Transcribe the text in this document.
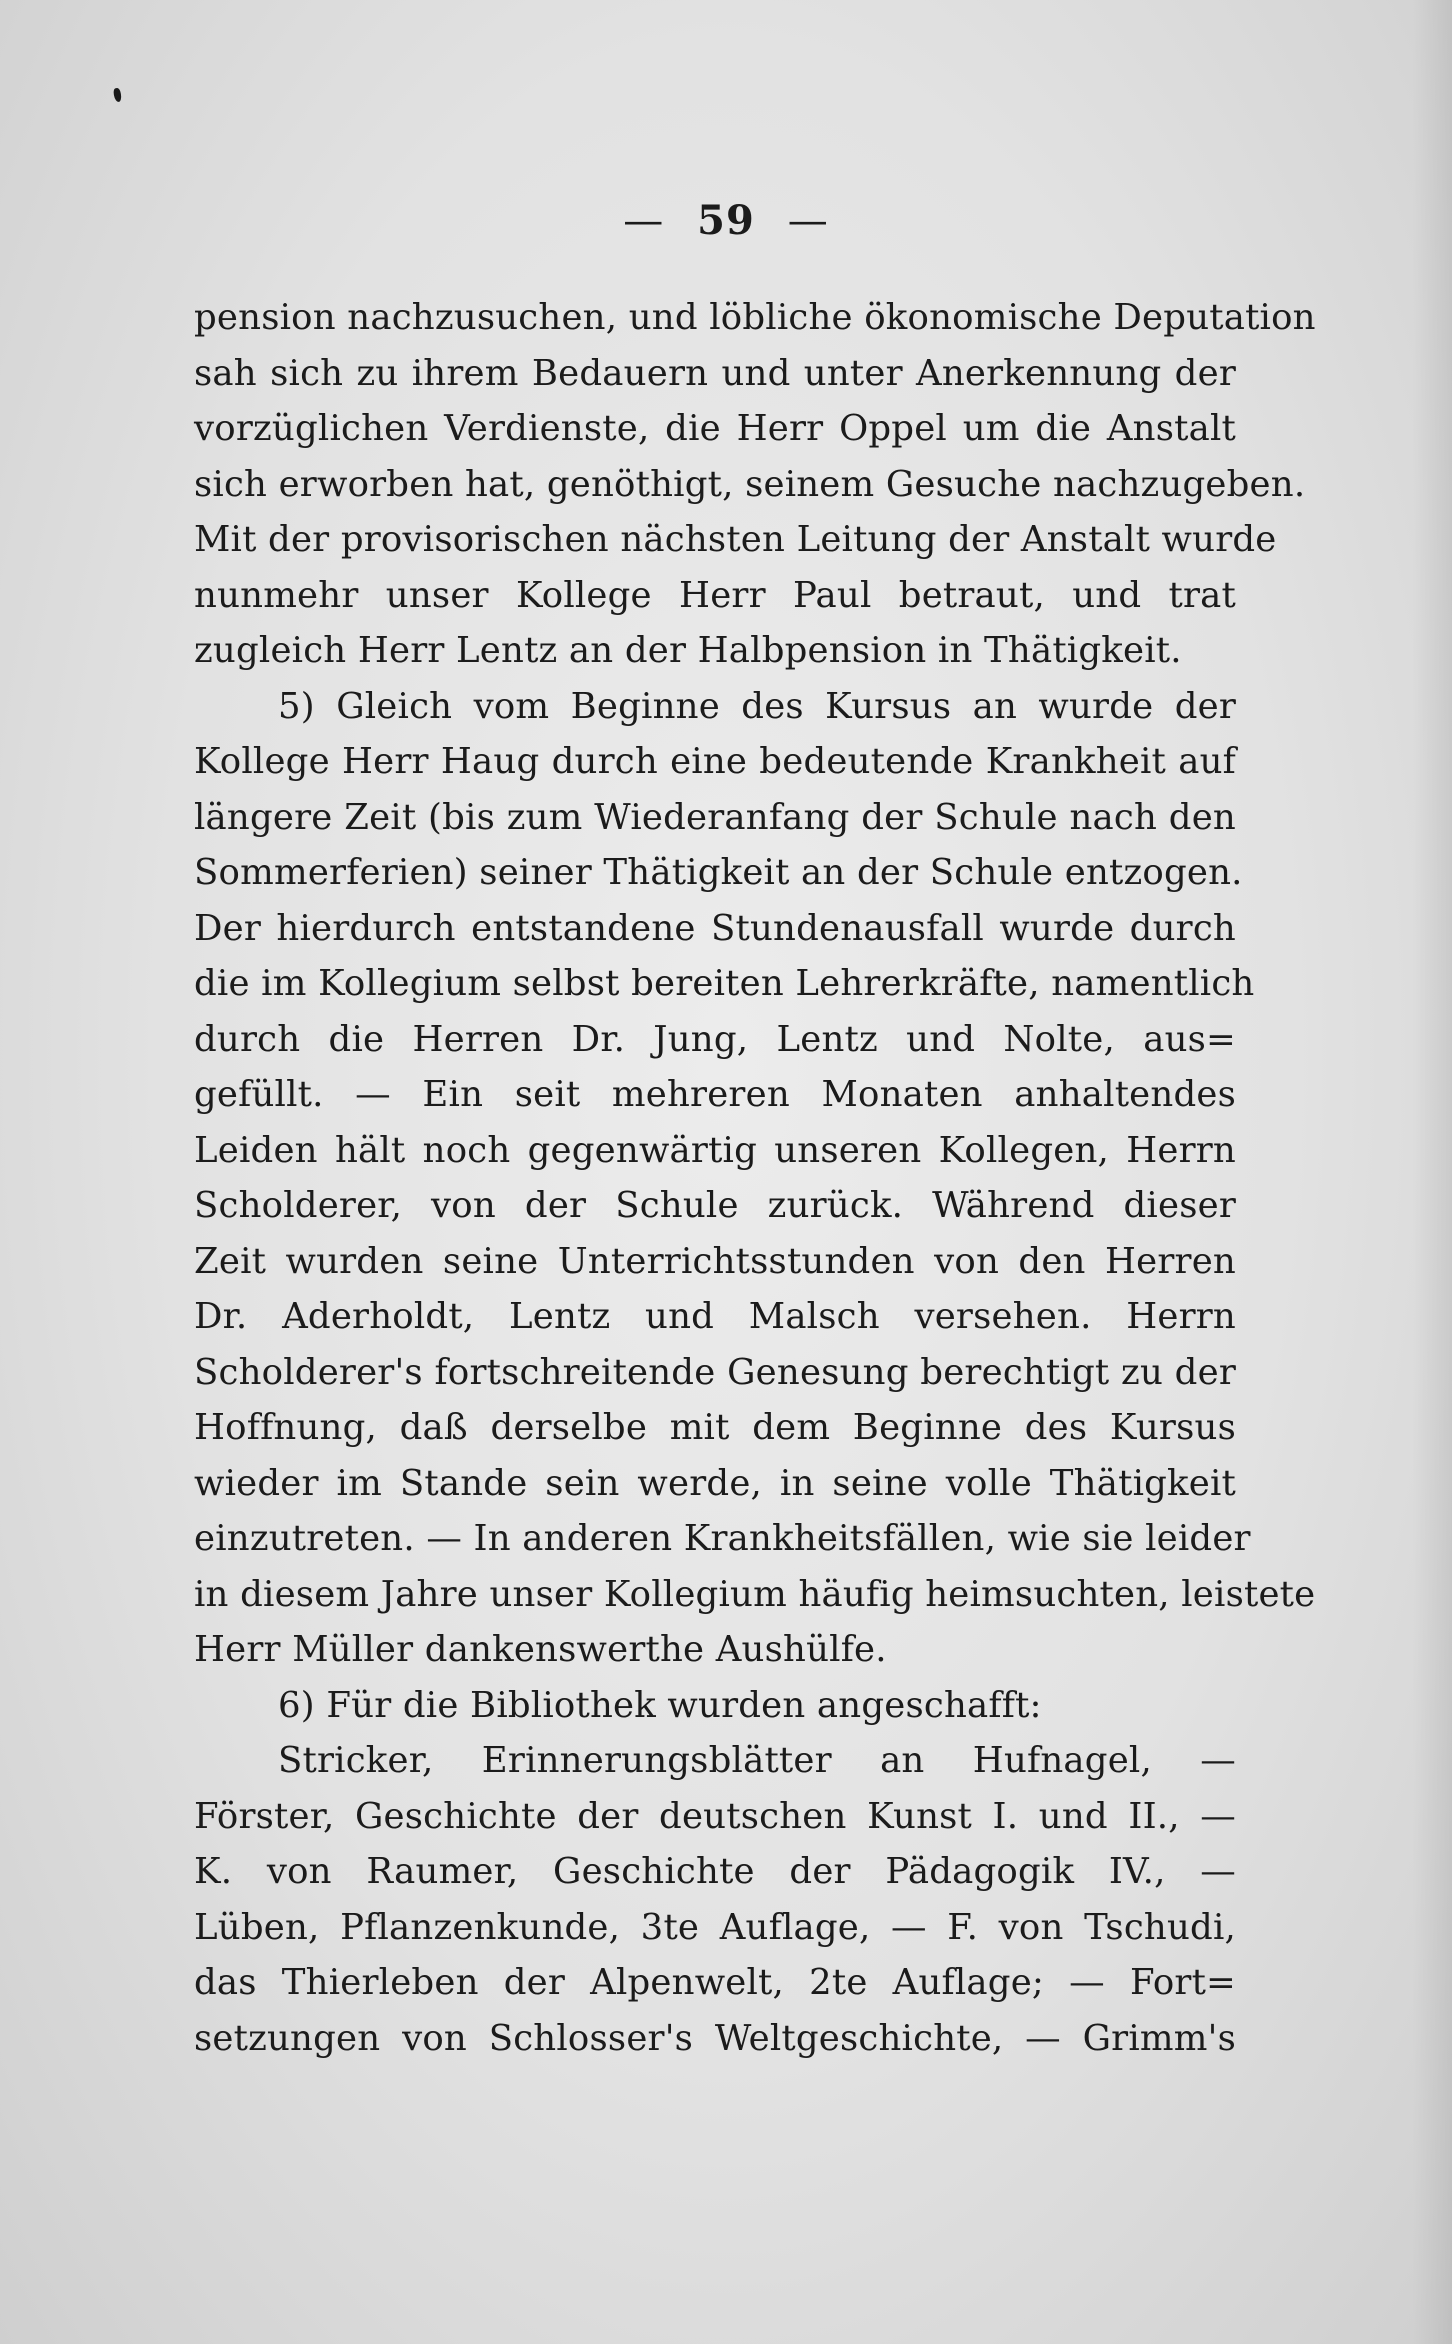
— 59 —
pension nachzusuchen, und löbliche ökonomische Deputation
sah sich zu ihrem Bedauern und unter Anerkennung der
vorzüglichen Verdienste, die Herr Oppel um die Anstalt
sich erworben hat, genöthigt, seinem Gesuche nachzugeben.
Mit der provisorischen nächsten Leitung der Anstalt wurde
nunmehr unser Kollege Herr Paul betraut, und trat
zugleich Herr Lentz an der Halbpension in Thätigkeit.
5) Gleich vom Beginne des Kursus an wurde der
Kollege Herr Haug durch eine bedeutende Krankheit auf
längere Zeit (bis zum Wiederanfang der Schule nach den
Sommerferien) seiner Thätigkeit an der Schule entzogen.
Der hierdurch entstandene Stundenausfall wurde durch
die im Kollegium selbst bereiten Lehrerkräfte, namentlich
durch die Herren Dr. Jung, Lentz und Nolte, aus=
gefüllt. — Ein seit mehreren Monaten anhaltendes
Leiden hält noch gegenwärtig unseren Kollegen, Herrn
Scholderer, von der Schule zurück. Während dieser
Zeit wurden seine Unterrichtsstunden von den Herren
Dr. Aderholdt, Lentz und Malsch versehen. Herrn
Scholderer's fortschreitende Genesung berechtigt zu der
Hoffnung, daß derselbe mit dem Beginne des Kursus
wieder im Stande sein werde, in seine volle Thätigkeit
einzutreten. — In anderen Krankheitsfällen, wie sie leider
in diesem Jahre unser Kollegium häufig heimsuchten, leistete
Herr Müller dankenswerthe Aushülfe.
6) Für die Bibliothek wurden angeschafft:
Stricker, Erinnerungsblätter an Hufnagel, —
Förster, Geschichte der deutschen Kunst I. und II., —
K. von Raumer, Geschichte der Pädagogik IV., —
Lüben, Pflanzenkunde, 3te Auflage, — F. von Tschudi,
das Thierleben der Alpenwelt, 2te Auflage; — Fort=
setzungen von Schlosser's Weltgeschichte, — Grimm's
